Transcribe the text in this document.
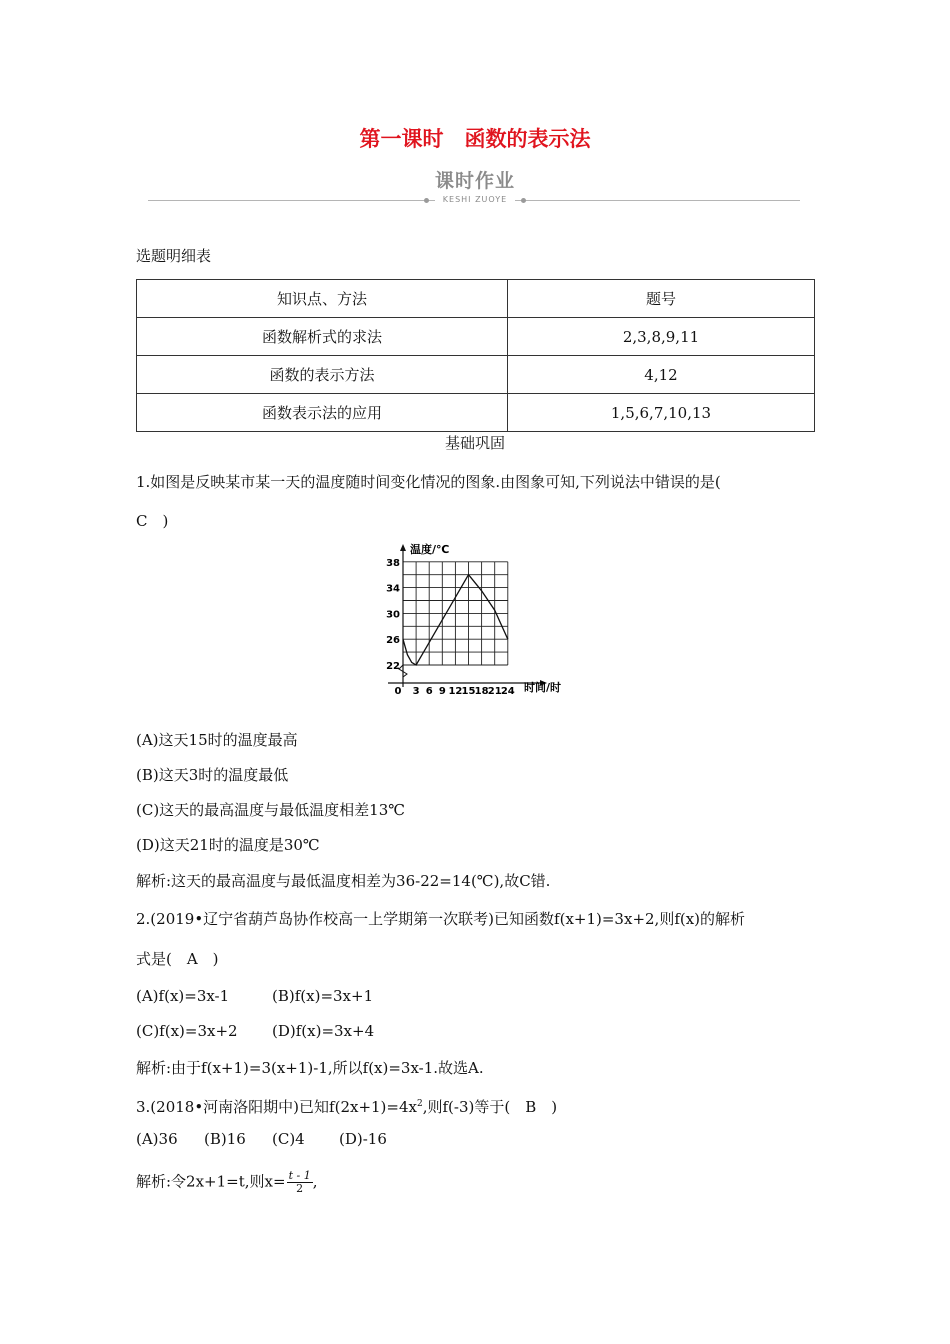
第一课时　函数的表示法
课时作业
KESHI ZUOYE
选题明细表
知识点、方法	题号
函数解析式的求法	2,3,8,9,11
函数的表示方法	4,12
函数表示法的应用	1,5,6,7,10,13
基础巩固
1.如图是反映某市某一天的温度随时间变化情况的图象.由图象可知,下列说法中错误的是(
C　)
0 3 6 9 12 15 18 21 24
22
26
30
34
38
温度/℃
时间/时
(A)这天15时的温度最高
(B)这天3时的温度最低
(C)这天的最高温度与最低温度相差13℃
(D)这天21时的温度是30℃
解析:这天的最高温度与最低温度相差为36-22=14(℃),故C错.
2.(2019•辽宁省葫芦岛协作校高一上学期第一次联考)已知函数f(x+1)=3x+2,则f(x)的解析
式是(　A　)
(A)f(x)=3x-1	(B)f(x)=3x+1
(C)f(x)=3x+2 (D)f(x)=3x+4
解析:由于f(x+1)=3(x+1)-1,所以f(x)=3x-1.故选A.
3.(2018•河南洛阳期中)已知$f(2x+1)=4x^2$,则f(-3)等于(　B　)
(A)36 (B)16 (C)4 (D)-16
解析:令2x+1=t,则$x= \frac{t - 1}{2}$ ,
